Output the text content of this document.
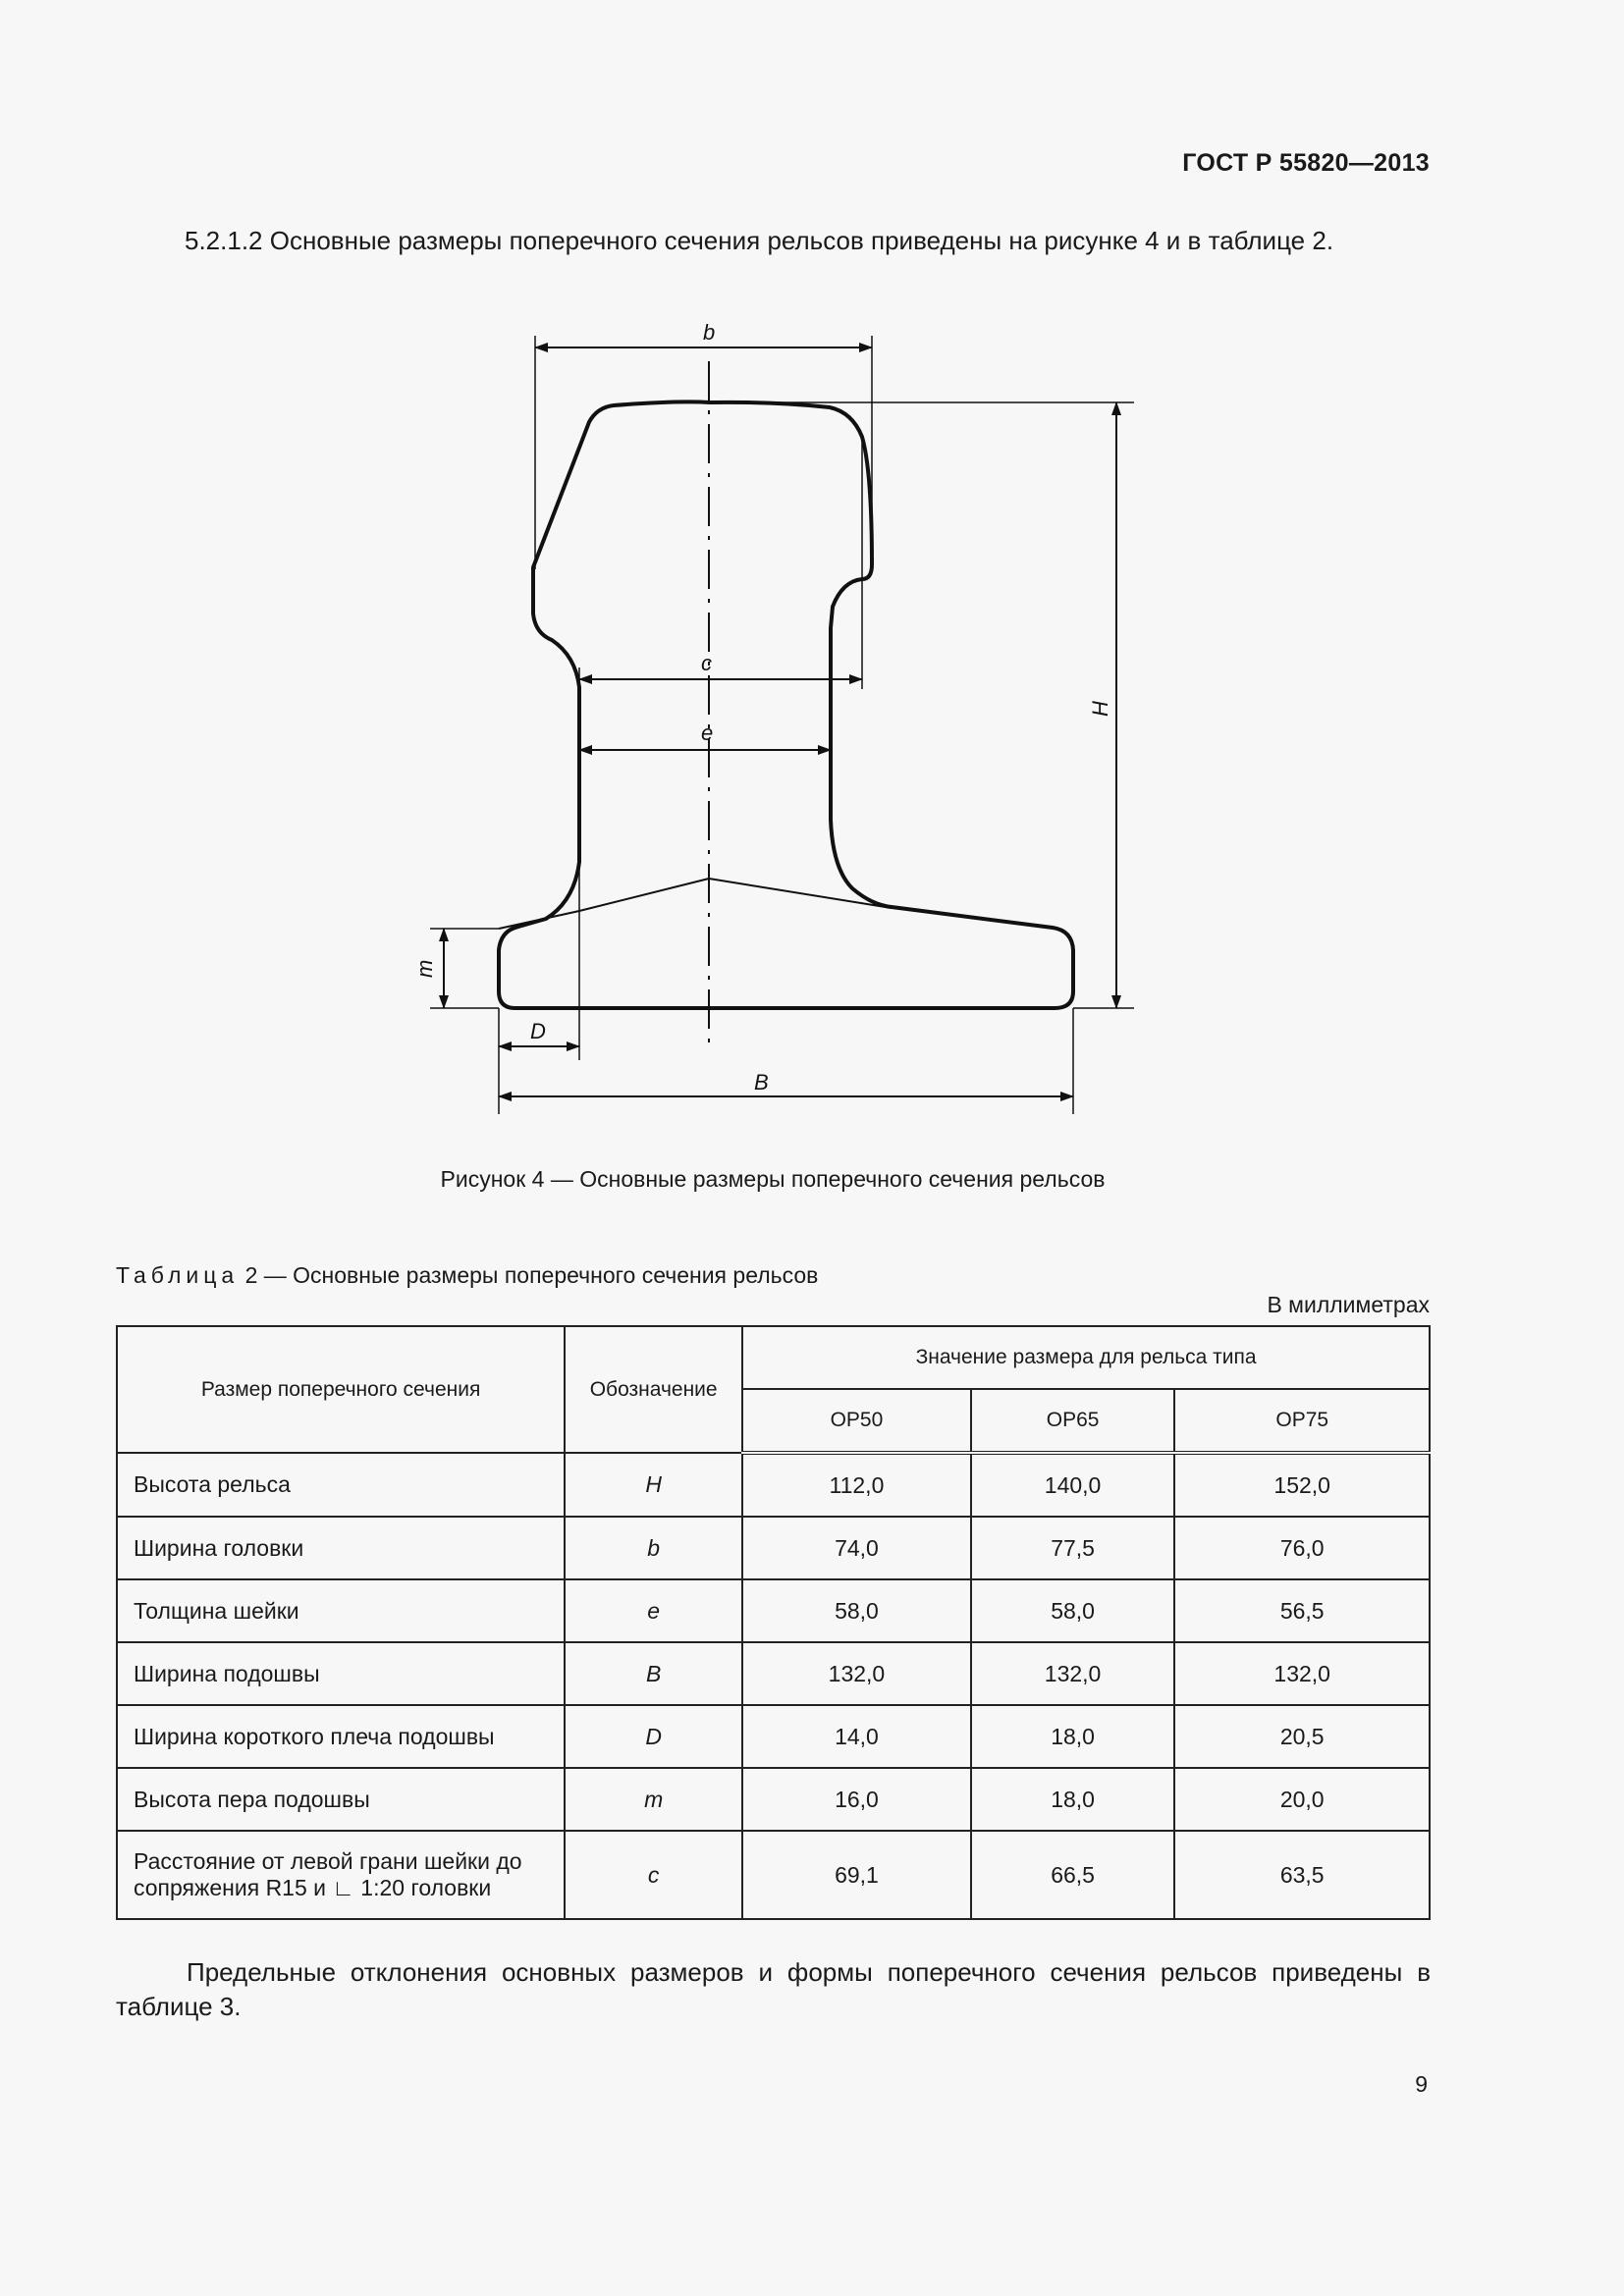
ГОСТ Р 55820—2013
5.2.1.2 Основные размеры поперечного сечения рельсов приведены на рисунке 4 и в таблице 2.
b
c
e
H
m
D
B
Рисунок 4 — Основные размеры поперечного сечения рельсов
Таблица 2 — Основные размеры поперечного сечения рельсов
В миллиметрах
Размер поперечного сечения	Обозначение	Значение размера для рельса типа		
		ОР50	ОР65	ОР75
Высота рельса	H	112,0	140,0	152,0
Ширина головки	b	74,0	77,5	76,0
Толщина шейки	e	58,0	58,0	56,5
Ширина подошвы	B	132,0	132,0	132,0
Ширина короткого плеча подошвы	D	14,0	18,0	20,5
Высота пера подошвы	m	16,0	18,0	20,0
Расстояние от левой грани шейки до
сопряжения R15 и ∟ 1:20 головки	c	69,1	66,5	63,5
Предельные отклонения основных размеров и формы поперечного сечения рельсов приведены в таблице 3.
9
